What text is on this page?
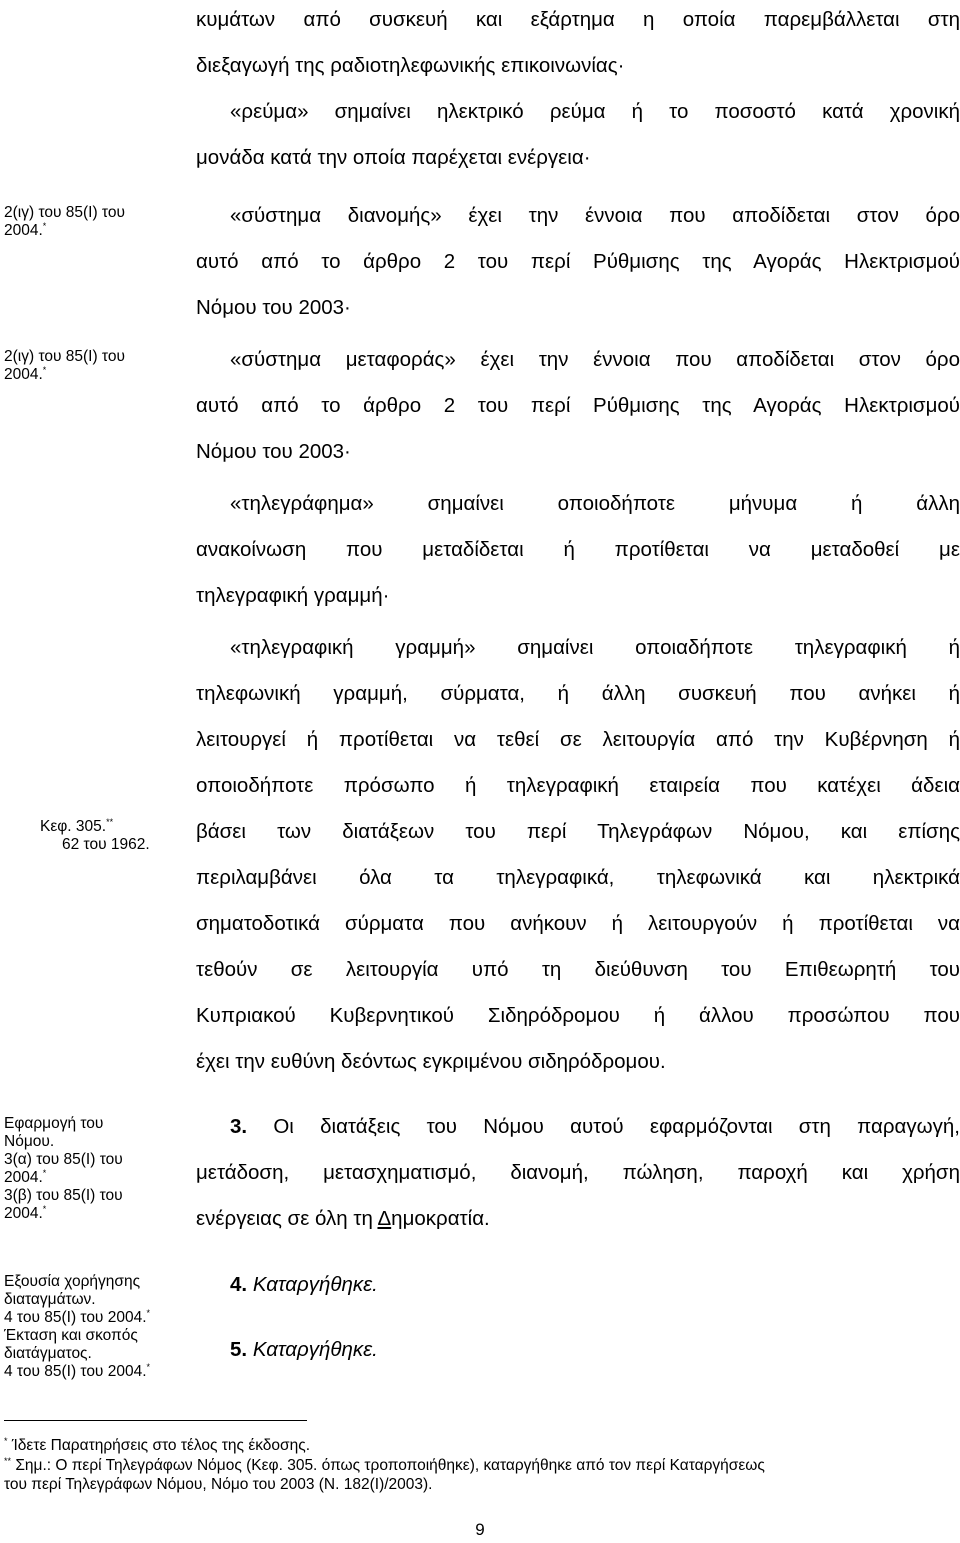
κυμάτων από συσκευή και εξάρτημα η οποία παρεμβάλλεται στη

διεξαγωγή της ραδιοτηλεφωνικής επικοινωνίας·

«ρεύμα» σημαίνει ηλεκτρικό ρεύμα ή το ποσοστό κατά χρονική

μονάδα κατά την οποία παρέχεται ενέργεια·

«σύστημα διανομής» έχει την έννοια που αποδίδεται στον όρο

αυτό από το άρθρο 2 του περί Ρύθμισης της Αγοράς Ηλεκτρισμού

Νόμου του 2003·

«σύστημα μεταφοράς» έχει την έννοια που αποδίδεται στον όρο

αυτό από το άρθρο 2 του περί Ρύθμισης της Αγοράς Ηλεκτρισμού

Νόμου του 2003·

«τηλεγράφημα» σημαίνει οποιοδήποτε μήνυμα ή άλλη

ανακοίνωση που μεταδίδεται ή προτίθεται να μεταδοθεί με

τηλεγραφική γραμμή·

«τηλεγραφική γραμμή» σημαίνει οποιαδήποτε τηλεγραφική ή

τηλεφωνική γραμμή, σύρματα, ή άλλη συσκευή που ανήκει ή

λειτουργεί ή προτίθεται να τεθεί σε λειτουργία από την Κυβέρνηση ή

οποιοδήποτε πρόσωπο ή τηλεγραφική εταιρεία που κατέχει άδεια

βάσει των διατάξεων του περί Τηλεγράφων Νόμου, και επίσης

περιλαμβάνει όλα τα τηλεγραφικά, τηλεφωνικά και ηλεκτρικά

σηματοδοτικά σύρματα που ανήκουν ή λειτουργούν ή προτίθεται να

τεθούν σε λειτουργία υπό τη διεύθυνση του Επιθεωρητή του

Κυπριακού Κυβερνητικού Σιδηρόδρομου ή άλλου προσώπου που

έχει την ευθύνη δεόντως εγκριμένου σιδηρόδρομου.

3. Οι διατάξεις του Νόμου αυτού εφαρμόζονται στη παραγωγή,

μετάδοση, μετασχηματισμό, διανομή, πώληση, παροχή και χρήση

ενέργειας σε όλη τη Δημοκρατία.

4. Καταργήθηκε.

5. Καταργήθηκε.

2(ιγ) του 85(Ι) του
2004.*
2(ιγ) του 85(Ι) του
2004.*
Κεφ. 305.**
62 του 1962.
Εφαρμογή του
Νόμου.
3(α) του 85(Ι) του
2004.*
3(β) του 85(Ι) του
2004.*
Εξουσία χορήγησης
διαταγμάτων.
4 του 85(Ι) του 2004.*
Έκταση και σκοπός
διατάγματος.
4 του 85(Ι) του 2004.*
* Ίδετε Παρατηρήσεις στο τέλος της έκδοσης.
** Σημ.: Ο περί Τηλεγράφων Νόμος (Κεφ. 305. όπως τροποποιήθηκε), καταργήθηκε από τον περί Καταργήσεως
του περί Τηλεγράφων Νόμου, Νόμο του 2003 (Ν. 182(Ι)/2003).
9
